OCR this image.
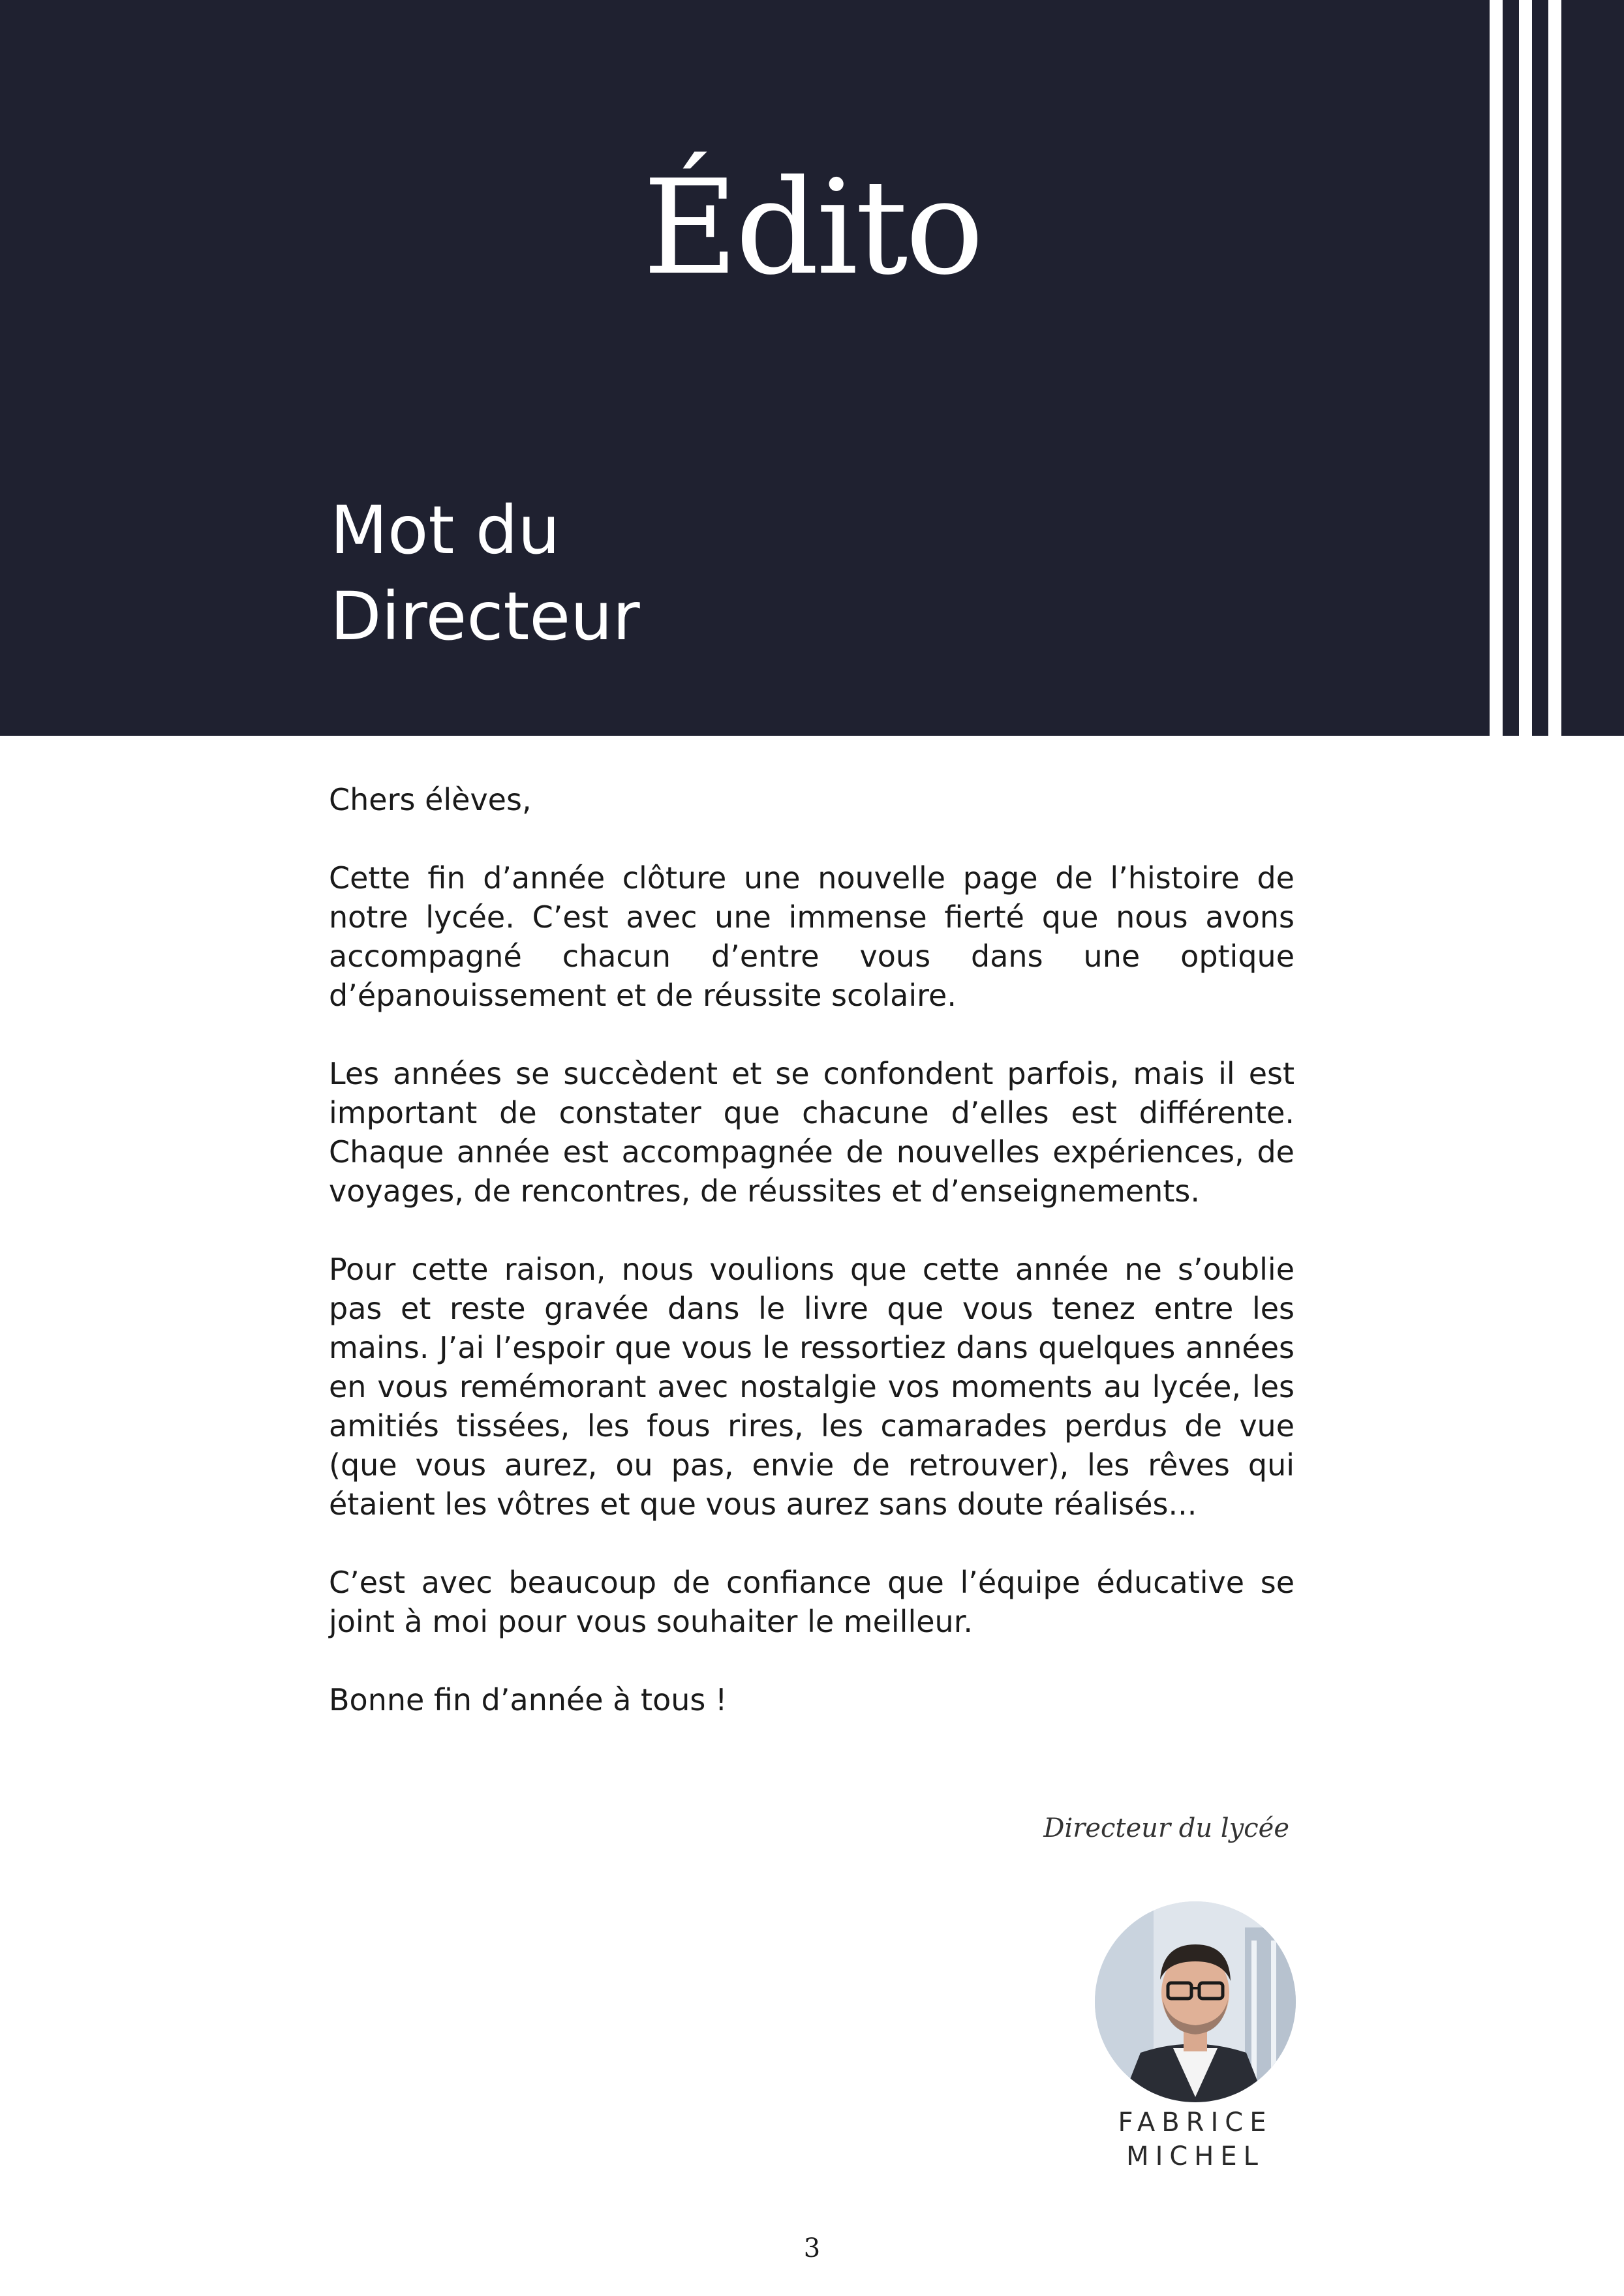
Édito
Mot du
Directeur

Chers élèves,

Cette fin d’année clôture une nouvelle page de l’histoire de notre lycée. C’est avec une immense fierté que nous avons accompagné chacun d’entre vous dans une optique d’épanouissement et de réussite scolaire.

Les années se succèdent et se confondent parfois, mais il est important de constater que chacune d’elles est différente. Chaque année est accompagnée de nouvelles expériences, de voyages, de rencontres, de réussites et d’enseignements.

Pour cette raison, nous voulions que cette année ne s’oublie pas et reste gravée dans le livre que vous tenez entre les mains. J’ai l’espoir que vous le ressortiez dans quelques années en vous remémorant avec nostalgie vos moments au lycée, les amitiés tissées, les fous rires, les camarades perdus de vue (que vous aurez, ou pas, envie de retrouver), les rêves qui étaient les vôtres et que vous aurez sans doute réalisés...

C’est avec beaucoup de confiance que l’équipe éducative se joint à moi pour vous souhaiter le meilleur.

Bonne fin d’année à tous !

Directeur du lycée
FABRICE
MICHEL
3
